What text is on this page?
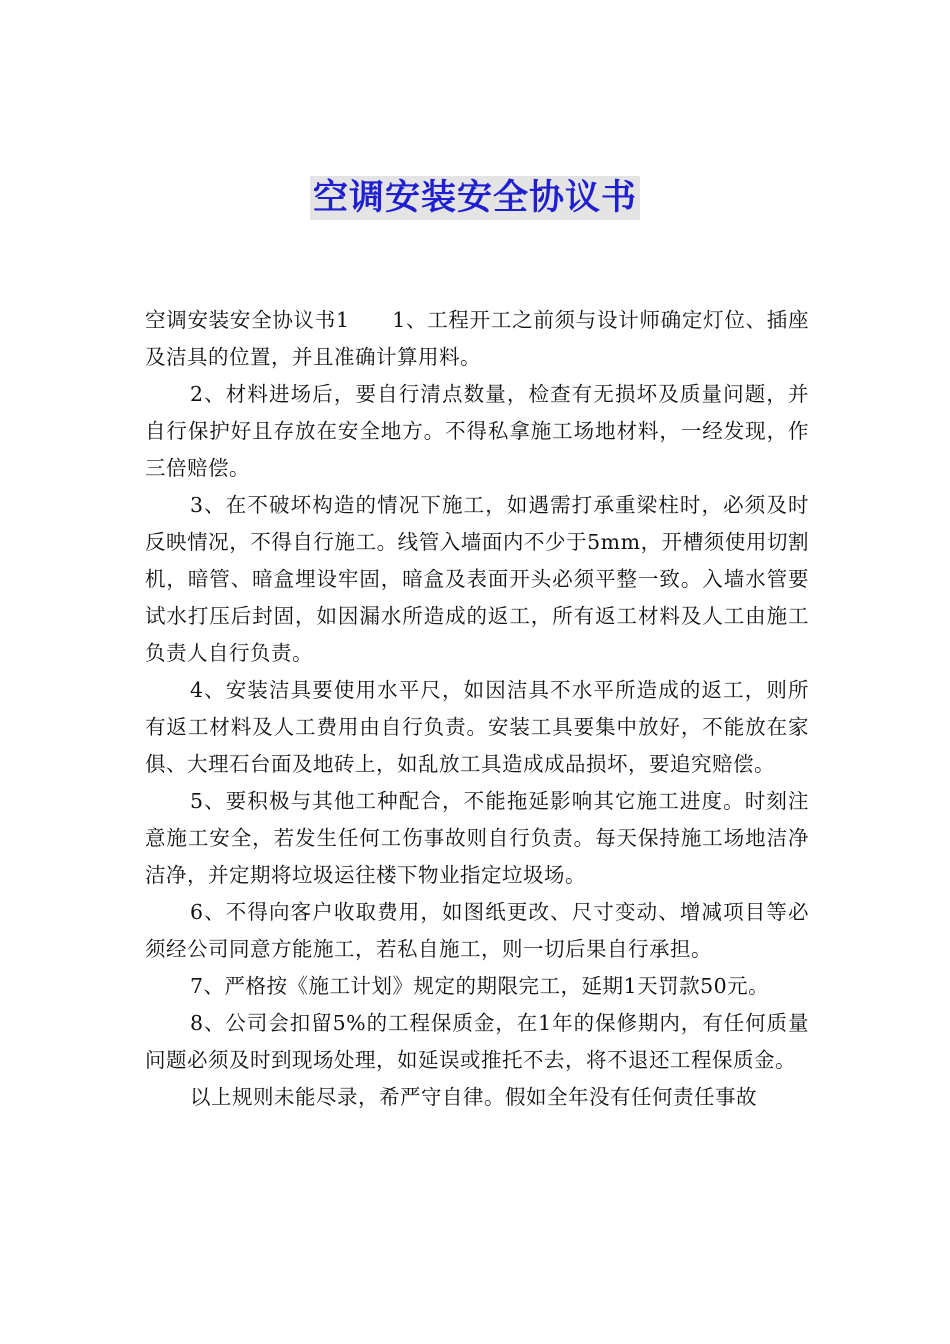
空调安装安全协议书

空调安装安全协议书1　　1、工程开工之前须与设计师确定灯位、插座及洁具的位置，并且准确计算用料。

2、材料进场后，要自行清点数量，检查有无损坏及质量问题，并自行保护好且存放在安全地方。不得私拿施工场地材料，一经发现，作三倍赔偿。

3、在不破坏构造的情况下施工，如遇需打承重梁柱时，必须及时反映情况，不得自行施工。线管入墙面内不少于5mm，开槽须使用切割机，暗管、暗盒埋设牢固，暗盒及表面开头必须平整一致。入墙水管要试水打压后封固，如因漏水所造成的返工，所有返工材料及人工由施工负责人自行负责。

4、安装洁具要使用水平尺，如因洁具不水平所造成的返工，则所有返工材料及人工费用由自行负责。安装工具要集中放好，不能放在家俱、大理石台面及地砖上，如乱放工具造成成品损坏，要追究赔偿。

5、要积极与其他工种配合，不能拖延影响其它施工进度。时刻注意施工安全，若发生任何工伤事故则自行负责。每天保持施工场地洁净洁净，并定期将垃圾运往楼下物业指定垃圾场。

6、不得向客户收取费用，如图纸更改、尺寸变动、增减项目等必须经公司同意方能施工，若私自施工，则一切后果自行承担。

7、严格按《施工计划》规定的期限完工，延期1天罚款50元。

8、公司会扣留5%的工程保质金，在1年的保修期内，有任何质量问题必须及时到现场处理，如延误或推托不去，将不退还工程保质金。

以上规则未能尽录，希严守自律。假如全年没有任何责任事故
